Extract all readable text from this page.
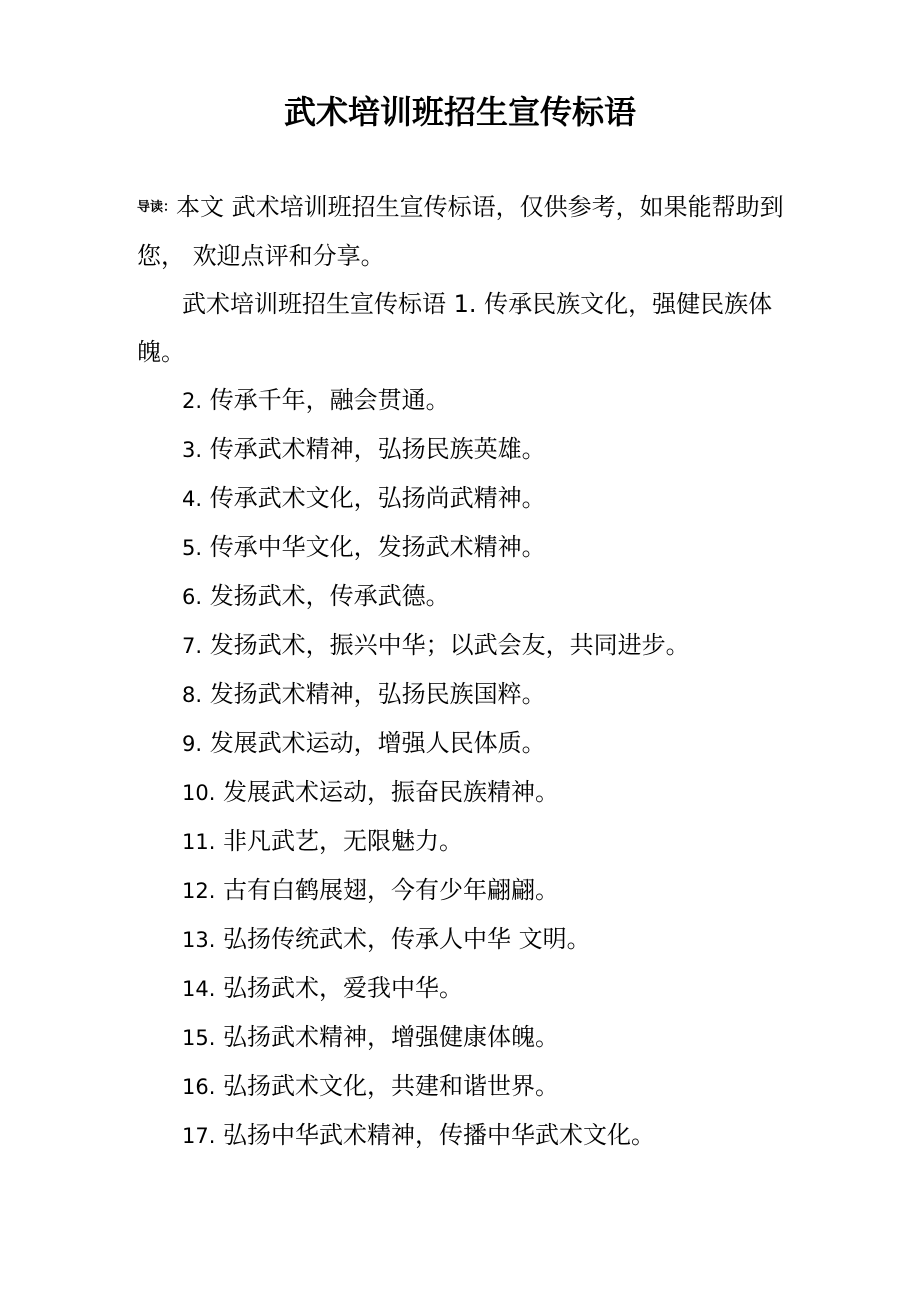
武术培训班招生宣传标语

导读：本文 武术培训班招生宣传标语，仅供参考，如果能帮助到您， 欢迎点评和分享。

武术培训班招生宣传标语 1. 传承民族文化，强健民族体魄。

2. 传承千年，融会贯通。

3. 传承武术精神，弘扬民族英雄。

4. 传承武术文化，弘扬尚武精神。

5. 传承中华文化，发扬武术精神。

6. 发扬武术，传承武德。

7. 发扬武术，振兴中华；以武会友，共同进步。

8. 发扬武术精神，弘扬民族国粹。

9. 发展武术运动，增强人民体质。

10. 发展武术运动，振奋民族精神。

11. 非凡武艺，无限魅力。

12. 古有白鹤展翅，今有少年翩翩。

13. 弘扬传统武术，传承人中华 文明。

14. 弘扬武术，爱我中华。

15. 弘扬武术精神，增强健康体魄。

16. 弘扬武术文化，共建和谐世界。

17. 弘扬中华武术精神，传播中华武术文化。
